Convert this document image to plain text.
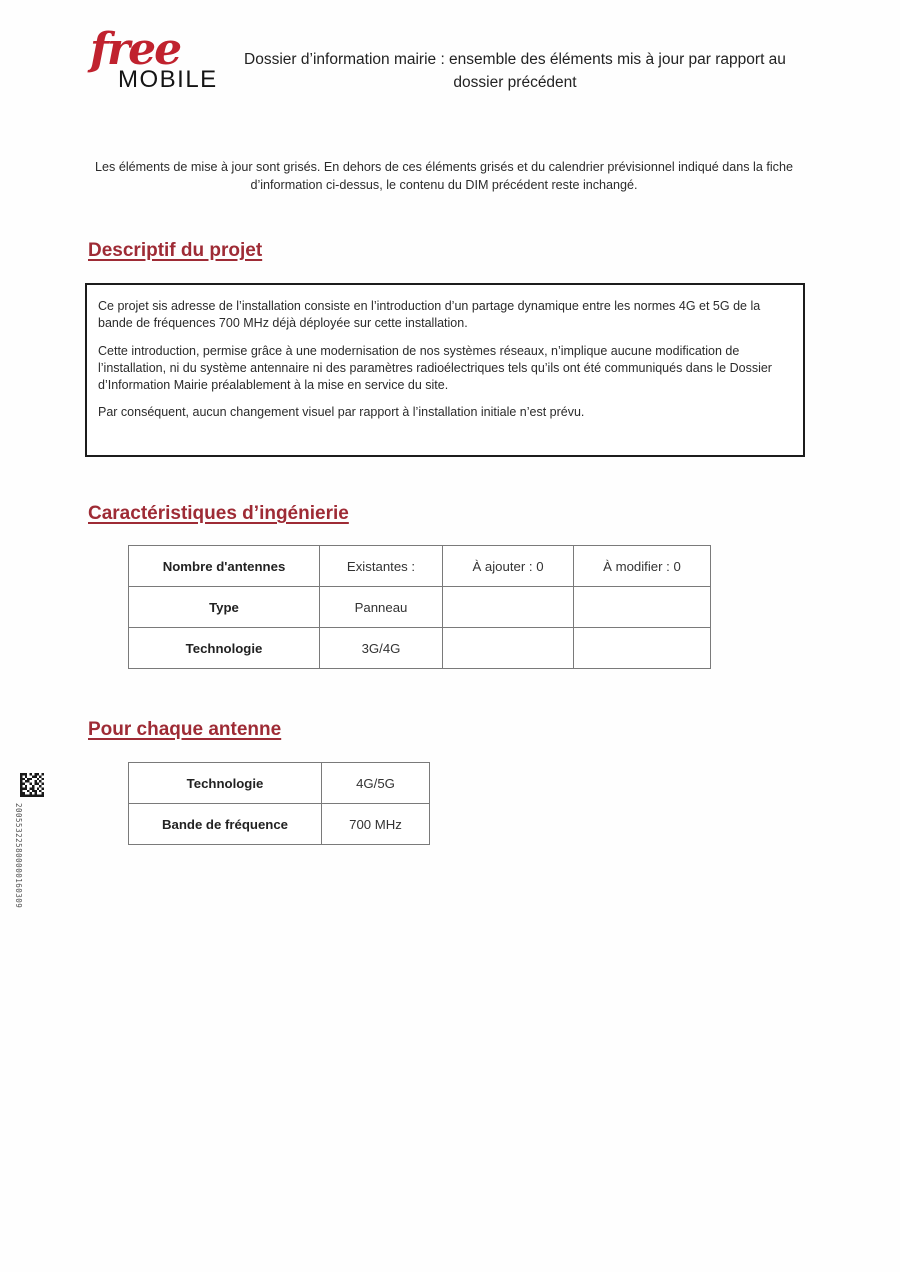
free
MOBILE
Dossier d’information mairie : ensemble des éléments mis à jour par rapport au dossier précédent
Les éléments de mise à jour sont grisés. En dehors de ces éléments grisés et du calendrier prévisionnel indiqué dans la fiche d’information ci-dessus, le contenu du DIM précédent reste inchangé.
Descriptif du projet

Ce projet sis adresse de l’installation consiste en l’introduction d’un partage dynamique entre les normes 4G et 5G de la bande de fréquences 700 MHz déjà déployée sur cette installation.

Cette introduction, permise grâce à une modernisation de nos systèmes réseaux, n’implique aucune modification de l’installation, ni du système antennaire ni des paramètres radioélectriques tels qu’ils ont été communiqués dans le Dossier d’Information Mairie préalablement à la mise en service du site.

Par conséquent, aucun changement visuel par rapport à l’installation initiale n’est prévu.

Caractéristiques d’ingénierie
Nombre d'antennes	Existantes :	À ajouter : 0	À modifier : 0
Type	Panneau		
Technologie	3G/4G		
Pour chaque antenne
Technologie	4G/5G
Bande de fréquence	700 MHz
200553225800000160309
